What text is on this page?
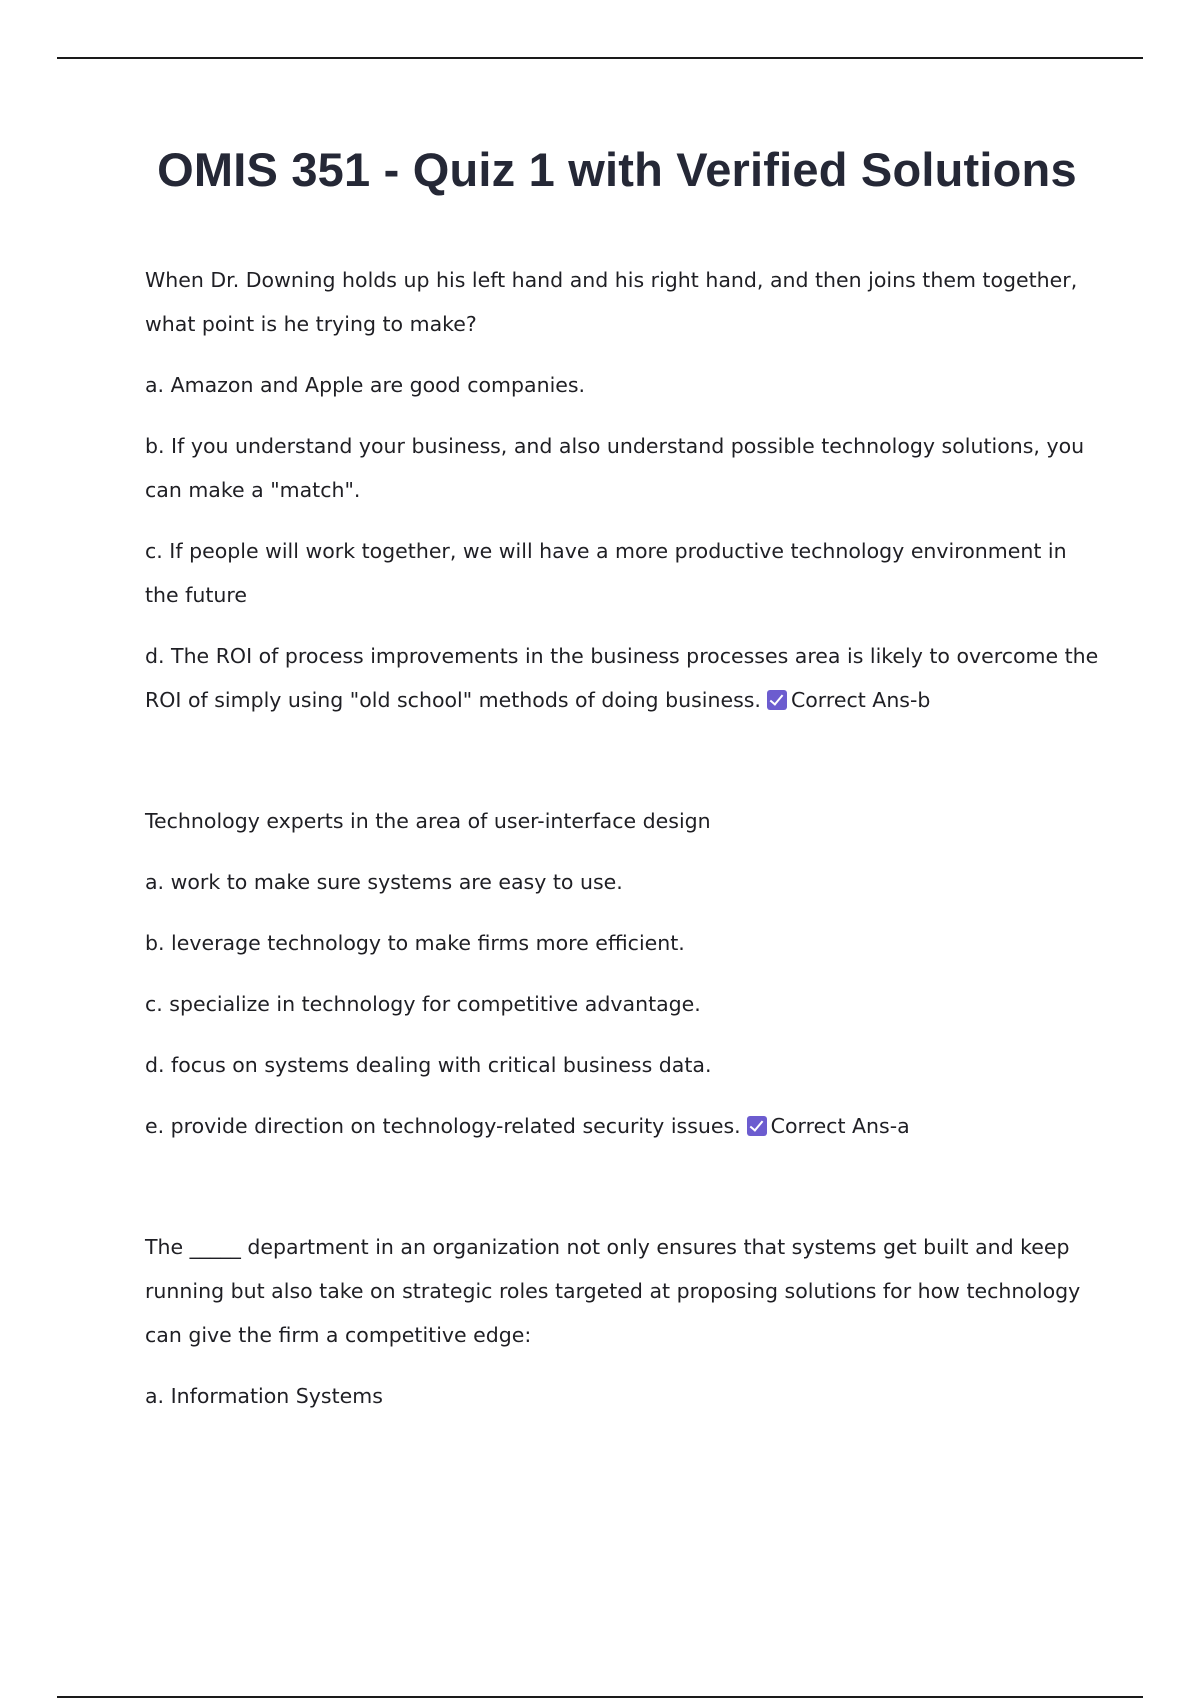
OMIS 351 - Quiz 1 with Verified Solutions

When Dr. Downing holds up his left hand and his right hand, and then joins them together, what point is he trying to make?

a. Amazon and Apple are good companies.

b. If you understand your business, and also understand possible technology solutions, you can make a "match".

c. If people will work together, we will have a more productive technology environment in the future

d. The ROI of process improvements in the business processes area is likely to overcome the ROI of simply using "old school" methods of doing business. Correct Ans-b

Technology experts in the area of user-interface design

a. work to make sure systems are easy to use.

b. leverage technology to make firms more efficient.

c. specialize in technology for competitive advantage.

d. focus on systems dealing with critical business data.

e. provide direction on technology-related security issues. Correct Ans-a

The _____ department in an organization not only ensures that systems get built and keep running but also take on strategic roles targeted at proposing solutions for how technology can give the firm a competitive edge:

a. Information Systems
